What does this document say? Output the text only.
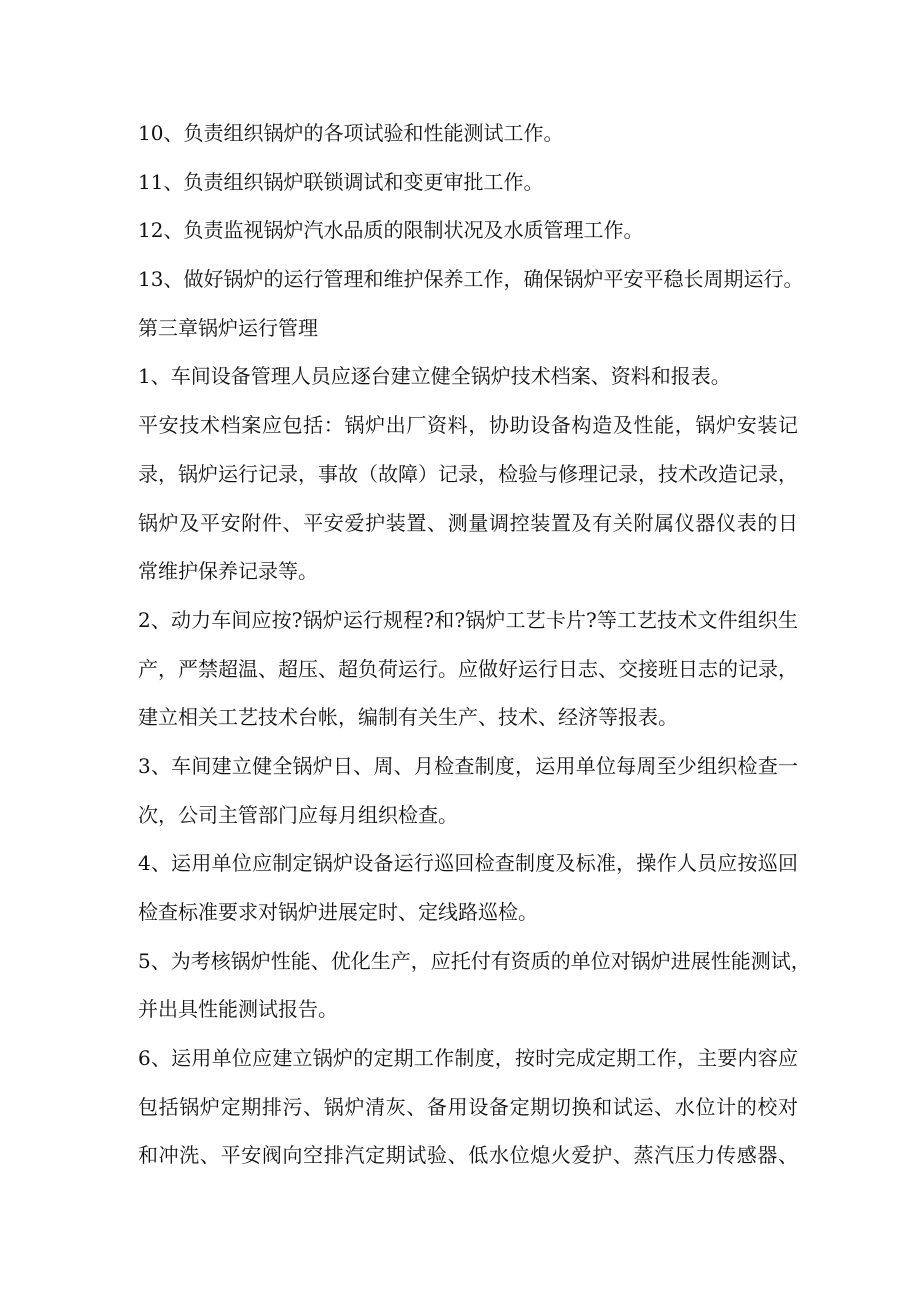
10、负责组织锅炉的各项试验和性能测试工作。
11、负责组织锅炉联锁调试和变更审批工作。
12、负责监视锅炉汽水品质的限制状况及水质管理工作。
13、做好锅炉的运行管理和维护保养工作，确保锅炉平安平稳长周期运行。
第三章锅炉运行管理
1、车间设备管理人员应逐台建立健全锅炉技术档案、资料和报表。
平安技术档案应包括：锅炉出厂资料，协助设备构造及性能，锅炉安装记
录，锅炉运行记录，事故（故障）记录，检验与修理记录，技术改造记录，
锅炉及平安附件、平安爱护装置、测量调控装置及有关附属仪器仪表的日
常维护保养记录等。
2、动力车间应按?锅炉运行规程?和?锅炉工艺卡片?等工艺技术文件组织生
产，严禁超温、超压、超负荷运行。应做好运行日志、交接班日志的记录，
建立相关工艺技术台帐，编制有关生产、技术、经济等报表。
3、车间建立健全锅炉日、周、月检查制度，运用单位每周至少组织检查一
次，公司主管部门应每月组织检查。
4、运用单位应制定锅炉设备运行巡回检查制度及标准，操作人员应按巡回
检查标准要求对锅炉进展定时、定线路巡检。
5、为考核锅炉性能、优化生产，应托付有资质的单位对锅炉进展性能测试，
并出具性能测试报告。
6、运用单位应建立锅炉的定期工作制度，按时完成定期工作，主要内容应
包括锅炉定期排污、锅炉清灰、备用设备定期切换和试运、水位计的校对
和冲洗、平安阀向空排汽定期试验、低水位熄火爱护、蒸汽压力传感器、
